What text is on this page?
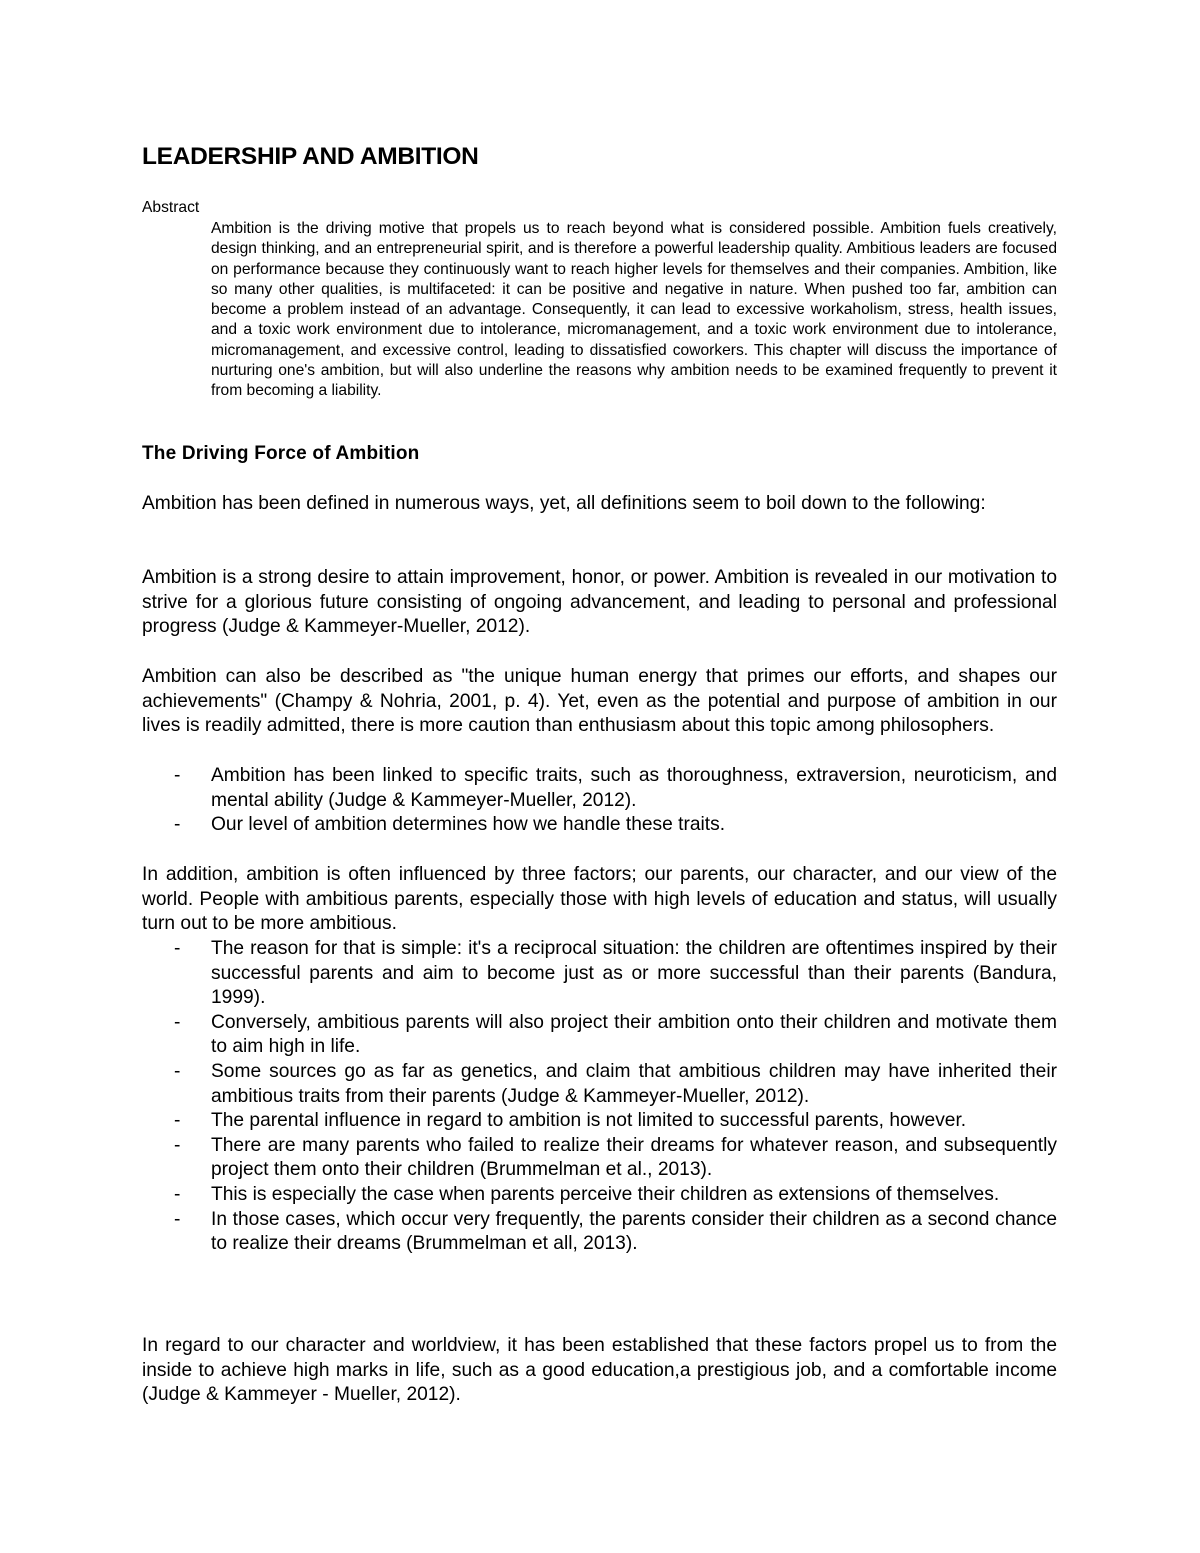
LEADERSHIP AND AMBITION
Abstract

Ambition is the driving motive that propels us to reach beyond what is considered possible. Ambition fuels creatively, design thinking, and an entrepreneurial spirit, and is therefore a powerful leadership quality. Ambitious leaders are focused on performance because they continuously want to reach higher levels for themselves and their companies. Ambition, like so many other qualities, is multifaceted: it can be positive and negative in nature. When pushed too far, ambition can become a problem instead of an advantage. Consequently, it can lead to excessive workaholism, stress, health issues, and a toxic work environment due to intolerance, micromanagement, and a toxic work environment due to intolerance, micromanagement, and excessive control, leading to dissatisfied coworkers. This chapter will discuss the importance of nurturing one's ambition, but will also underline the reasons why ambition needs to be examined frequently to prevent it from becoming a liability.

The Driving Force of Ambition

Ambition has been defined in numerous ways, yet, all definitions seem to boil down to the following:

Ambition is a strong desire to attain improvement, honor, or power. Ambition is revealed in our motivation to strive for a glorious future consisting of ongoing advancement, and leading to personal and professional progress (Judge & Kammeyer-Mueller, 2012).

Ambition can also be described as "the unique human energy that primes our efforts, and shapes our achievements" (Champy & Nohria, 2001, p. 4). Yet, even as the potential and purpose of ambition in our lives is readily admitted, there is more caution than enthusiasm about this topic among philosophers.

- Ambition has been linked to specific traits, such as thoroughness, extraversion, neuroticism, and mental ability (Judge & Kammeyer-Mueller, 2012).
- Our level of ambition determines how we handle these traits.

In addition, ambition is often influenced by three factors; our parents, our character, and our view of the world. People with ambitious parents, especially those with high levels of education and status, will usually turn out to be more ambitious.

- The reason for that is simple: it's a reciprocal situation: the children are oftentimes inspired by their successful parents and aim to become just as or more successful than their parents (Bandura, 1999).
- Conversely, ambitious parents will also project their ambition onto their children and motivate them to aim high in life.
- Some sources go as far as genetics, and claim that ambitious children may have inherited their ambitious traits from their parents (Judge & Kammeyer-Mueller, 2012).
- The parental influence in regard to ambition is not limited to successful parents, however.
- There are many parents who failed to realize their dreams for whatever reason, and subsequently project them onto their children (Brummelman et al., 2013).
- This is especially the case when parents perceive their children as extensions of themselves.
- In those cases, which occur very frequently, the parents consider their children as a second chance to realize their dreams (Brummelman et all, 2013).

In regard to our character and worldview, it has been established that these factors propel us to from the inside to achieve high marks in life, such as a good education,a prestigious job, and a comfortable income (Judge & Kammeyer - Mueller, 2012).
